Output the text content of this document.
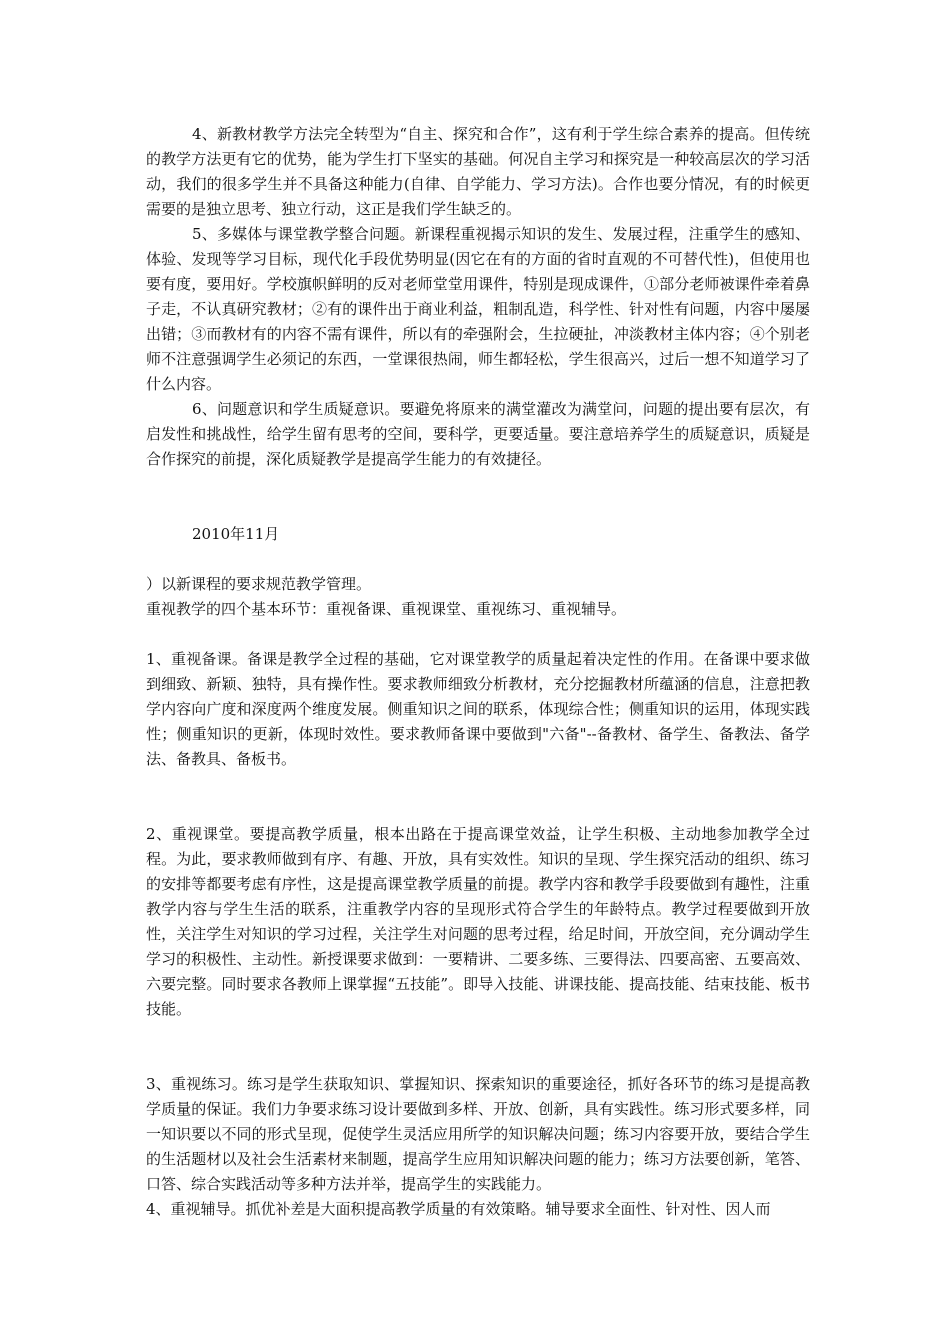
4、新教材教学方法完全转型为“自主、探究和合作”，这有利于学生综合素养的提高。但传统的教学方法更有它的优势，能为学生打下坚实的基础。何况自主学习和探究是一种较高层次的学习活动，我们的很多学生并不具备这种能力(自律、自学能力、学习方法)。合作也要分情况，有的时候更需要的是独立思考、独立行动，这正是我们学生缺乏的。

5、多媒体与课堂教学整合问题。新课程重视揭示知识的发生、发展过程，注重学生的感知、体验、发现等学习目标，现代化手段优势明显(因它在有的方面的省时直观的不可替代性)，但使用也要有度，要用好。学校旗帜鲜明的反对老师堂堂用课件，特别是现成课件，①部分老师被课件牵着鼻子走，不认真研究教材；②有的课件出于商业利益，粗制乱造，科学性、针对性有问题，内容中屡屡出错；③而教材有的内容不需有课件，所以有的牵强附会，生拉硬扯，冲淡教材主体内容；④个别老师不注意强调学生必须记的东西，一堂课很热闹，师生都轻松，学生很高兴，过后一想不知道学习了什么内容。

6、问题意识和学生质疑意识。要避免将原来的满堂灌改为满堂问，问题的提出要有层次，有启发性和挑战性，给学生留有思考的空间，要科学，更要适量。要注意培养学生的质疑意识，质疑是合作探究的前提，深化质疑教学是提高学生能力的有效捷径。

2010年11月

）以新课程的要求规范教学管理。

重视教学的四个基本环节：重视备课、重视课堂、重视练习、重视辅导。

1、重视备课。备课是教学全过程的基础，它对课堂教学的质量起着决定性的作用。在备课中要求做到细致、新颖、独特，具有操作性。要求教师细致分析教材，充分挖掘教材所蕴涵的信息，注意把教学内容向广度和深度两个维度发展。侧重知识之间的联系，体现综合性；侧重知识的运用，体现实践性；侧重知识的更新，体现时效性。要求教师备课中要做到"六备"--备教材、备学生、备教法、备学法、备教具、备板书。

2、重视课堂。要提高教学质量，根本出路在于提高课堂效益，让学生积极、主动地参加教学全过程。为此，要求教师做到有序、有趣、开放，具有实效性。知识的呈现、学生探究活动的组织、练习的安排等都要考虑有序性，这是提高课堂教学质量的前提。教学内容和教学手段要做到有趣性，注重教学内容与学生生活的联系，注重教学内容的呈现形式符合学生的年龄特点。教学过程要做到开放性，关注学生对知识的学习过程，关注学生对问题的思考过程，给足时间，开放空间，充分调动学生学习的积极性、主动性。新授课要求做到：一要精讲、二要多练、三要得法、四要高密、五要高效、六要完整。同时要求各教师上课掌握“五技能”。即导入技能、讲课技能、提高技能、结束技能、板书技能。

3、重视练习。练习是学生获取知识、掌握知识、探索知识的重要途径，抓好各环节的练习是提高教学质量的保证。我们力争要求练习设计要做到多样、开放、创新，具有实践性。练习形式要多样，同一知识要以不同的形式呈现，促使学生灵活应用所学的知识解决问题；练习内容要开放，要结合学生的生活题材以及社会生活素材来制题，提高学生应用知识解决问题的能力；练习方法要创新，笔答、口答、综合实践活动等多种方法并举，提高学生的实践能力。

4、重视辅导。抓优补差是大面积提高教学质量的有效策略。辅导要求全面性、针对性、因人而
